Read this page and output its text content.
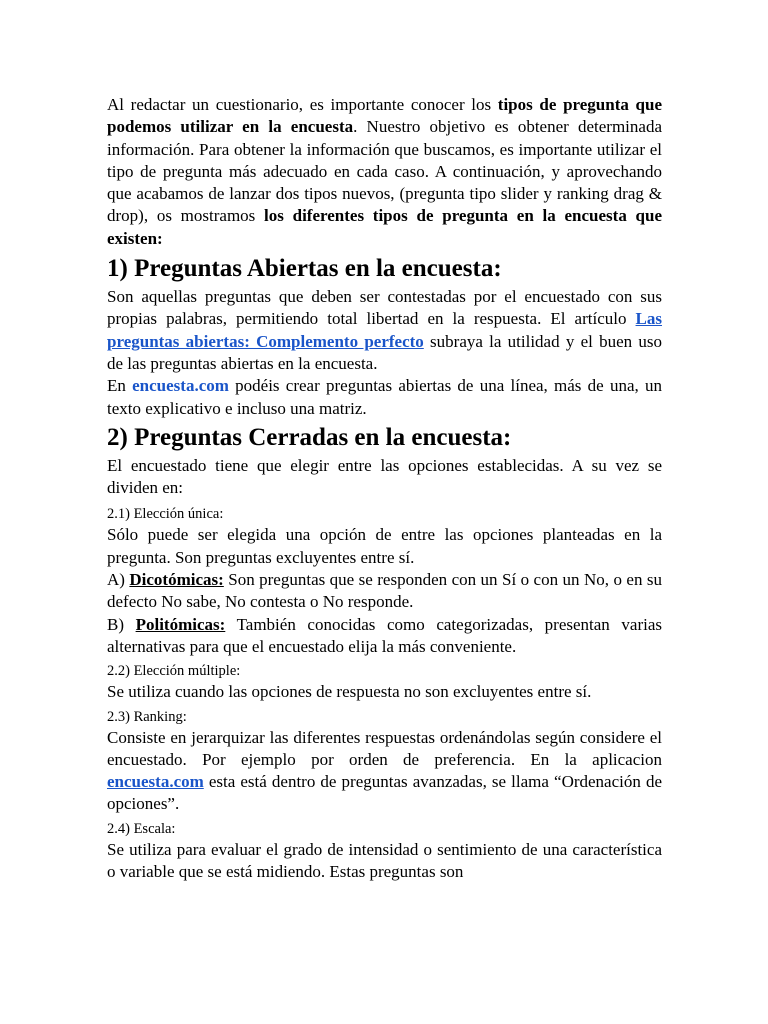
Al redactar un cuestionario, es importante conocer los tipos de pregunta que podemos utilizar en la encuesta. Nuestro objetivo es obtener determinada información. Para obtener la información que buscamos, es importante utilizar el tipo de pregunta más adecuado en cada caso. A continuación, y aprovechando que acabamos de lanzar dos tipos nuevos, (pregunta tipo slider y ranking drag & drop), os mostramos los diferentes tipos de pregunta en la encuesta que existen:

1) Preguntas Abiertas en la encuesta:

Son aquellas preguntas que deben ser contestadas por el encuestado con sus propias palabras, permitiendo total libertad en la respuesta. El artículo Las preguntas abiertas: Complemento perfecto subraya la utilidad y el buen uso de las preguntas abiertas en la encuesta.

En encuesta.com podéis crear preguntas abiertas de una línea, más de una, un texto explicativo e incluso una matriz.

2) Preguntas Cerradas en la encuesta:

El encuestado tiene que elegir entre las opciones establecidas. A su vez se dividen en:

2.1) Elección única:

Sólo puede ser elegida una opción de entre las opciones planteadas en la pregunta. Son preguntas excluyentes entre sí.

A) Dicotómicas: Son preguntas que se responden con un Sí o con un No, o en su defecto No sabe, No contesta o No responde.

B) Politómicas: También conocidas como categorizadas, presentan varias alternativas para que el encuestado elija la más conveniente.

2.2) Elección múltiple:

Se utiliza cuando las opciones de respuesta no son excluyentes entre sí.

2.3) Ranking:

Consiste en jerarquizar las diferentes respuestas ordenándolas según considere el encuestado. Por ejemplo por orden de preferencia. En la aplicacion encuesta.com esta está dentro de preguntas avanzadas, se llama “Ordenación de opciones”.

2.4) Escala:

Se utiliza para evaluar el grado de intensidad o sentimiento de una característica o variable que se está midiendo. Estas preguntas son
